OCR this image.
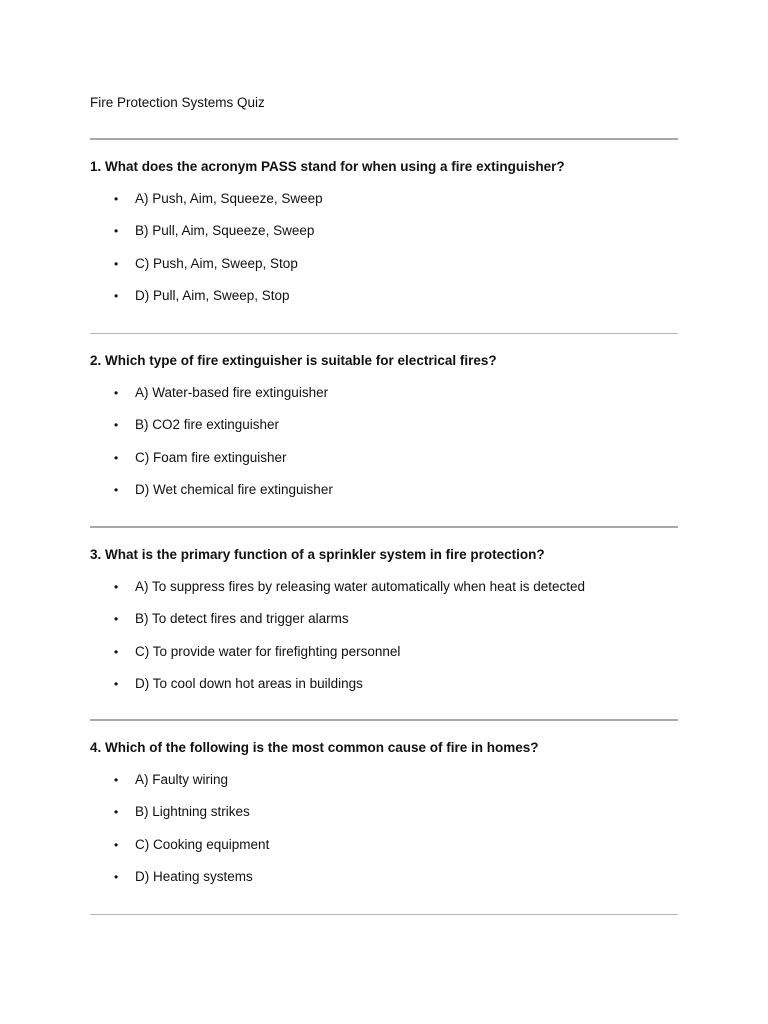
Fire Protection Systems Quiz
1. What does the acronym PASS stand for when using a fire extinguisher?
• A) Push, Aim, Squeeze, Sweep
• B) Pull, Aim, Squeeze, Sweep
• C) Push, Aim, Sweep, Stop
• D) Pull, Aim, Sweep, Stop
2. Which type of fire extinguisher is suitable for electrical fires?
• A) Water-based fire extinguisher
• B) CO2 fire extinguisher
• C) Foam fire extinguisher
• D) Wet chemical fire extinguisher
3. What is the primary function of a sprinkler system in fire protection?
• A) To suppress fires by releasing water automatically when heat is detected
• B) To detect fires and trigger alarms
• C) To provide water for firefighting personnel
• D) To cool down hot areas in buildings
4. Which of the following is the most common cause of fire in homes?
• A) Faulty wiring
• B) Lightning strikes
• C) Cooking equipment
• D) Heating systems
